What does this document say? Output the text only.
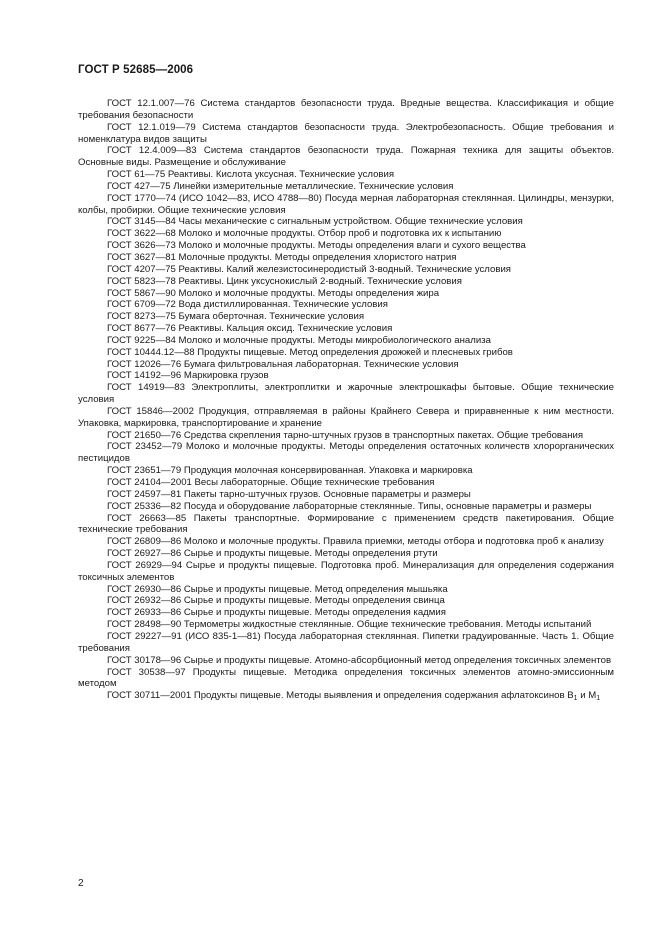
ГОСТ Р 52685—2006
ГОСТ 12.1.007—76 Система стандартов безопасности труда. Вредные вещества. Классификация и общие требования безопасности
ГОСТ 12.1.019—79 Система стандартов безопасности труда. Электробезопасность. Общие требования и номенклатура видов защиты
ГОСТ 12.4.009—83 Система стандартов безопасности труда. Пожарная техника для защиты объектов. Основные виды. Размещение и обслуживание
ГОСТ 61—75 Реактивы. Кислота уксусная. Технические условия
ГОСТ 427—75 Линейки измерительные металлические. Технические условия
ГОСТ 1770—74 (ИСО 1042—83, ИСО 4788—80) Посуда мерная лабораторная стеклянная. Цилиндры, мензурки, колбы, пробирки. Общие технические условия
ГОСТ 3145—84 Часы механические с сигнальным устройством. Общие технические условия
ГОСТ 3622—68 Молоко и молочные продукты. Отбор проб и подготовка их к испытанию
ГОСТ 3626—73 Молоко и молочные продукты. Методы определения влаги и сухого вещества
ГОСТ 3627—81 Молочные продукты. Методы определения хлористого натрия
ГОСТ 4207—75 Реактивы. Калий железистосинеродистый 3-водный. Технические условия
ГОСТ 5823—78 Реактивы. Цинк уксуснокислый 2-водный. Технические условия
ГОСТ 5867—90 Молоко и молочные продукты. Методы определения жира
ГОСТ 6709—72 Вода дистиллированная. Технические условия
ГОСТ 8273—75 Бумага оберточная. Технические условия
ГОСТ 8677—76 Реактивы. Кальция оксид. Технические условия
ГОСТ 9225—84 Молоко и молочные продукты. Методы микробиологического анализа
ГОСТ 10444.12—88 Продукты пищевые. Метод определения дрожжей и плесневых грибов
ГОСТ 12026—76 Бумага фильтровальная лабораторная. Технические условия
ГОСТ 14192—96 Маркировка грузов
ГОСТ 14919—83 Электроплиты, электроплитки и жарочные электрошкафы бытовые. Общие технические условия
ГОСТ 15846—2002 Продукция, отправляемая в районы Крайнего Севера и приравненные к ним местности. Упаковка, маркировка, транспортирование и хранение
ГОСТ 21650—76 Средства скрепления тарно-штучных грузов в транспортных пакетах. Общие требования
ГОСТ 23452—79 Молоко и молочные продукты. Методы определения остаточных количеств хлорорганических пестицидов
ГОСТ 23651—79 Продукция молочная консервированная. Упаковка и маркировка
ГОСТ 24104—2001 Весы лабораторные. Общие технические требования
ГОСТ 24597—81 Пакеты тарно-штучных грузов. Основные параметры и размеры
ГОСТ 25336—82 Посуда и оборудование лабораторные стеклянные. Типы, основные параметры и размеры
ГОСТ 26663—85 Пакеты транспортные. Формирование с применением средств пакетирования. Общие технические требования
ГОСТ 26809—86 Молоко и молочные продукты. Правила приемки, методы отбора и подготовка проб к анализу
ГОСТ 26927—86 Сырье и продукты пищевые. Методы определения ртути
ГОСТ 26929—94 Сырье и продукты пищевые. Подготовка проб. Минерализация для определения содержания токсичных элементов
ГОСТ 26930—86 Сырье и продукты пищевые. Метод определения мышьяка
ГОСТ 26932—86 Сырье и продукты пищевые. Методы определения свинца
ГОСТ 26933—86 Сырье и продукты пищевые. Методы определения кадмия
ГОСТ 28498—90 Термометры жидкостные стеклянные. Общие технические требования. Методы испытаний
ГОСТ 29227—91 (ИСО 835-1—81) Посуда лабораторная стеклянная. Пипетки градуированные. Часть 1. Общие требования
ГОСТ 30178—96 Сырье и продукты пищевые. Атомно-абсорбционный метод определения токсичных элементов
ГОСТ 30538—97 Продукты пищевые. Методика определения токсичных элементов атомно-эмиссионным методом
ГОСТ 30711—2001 Продукты пищевые. Методы выявления и определения содержания афлатоксинов $В_1$ и $М_1$
2
